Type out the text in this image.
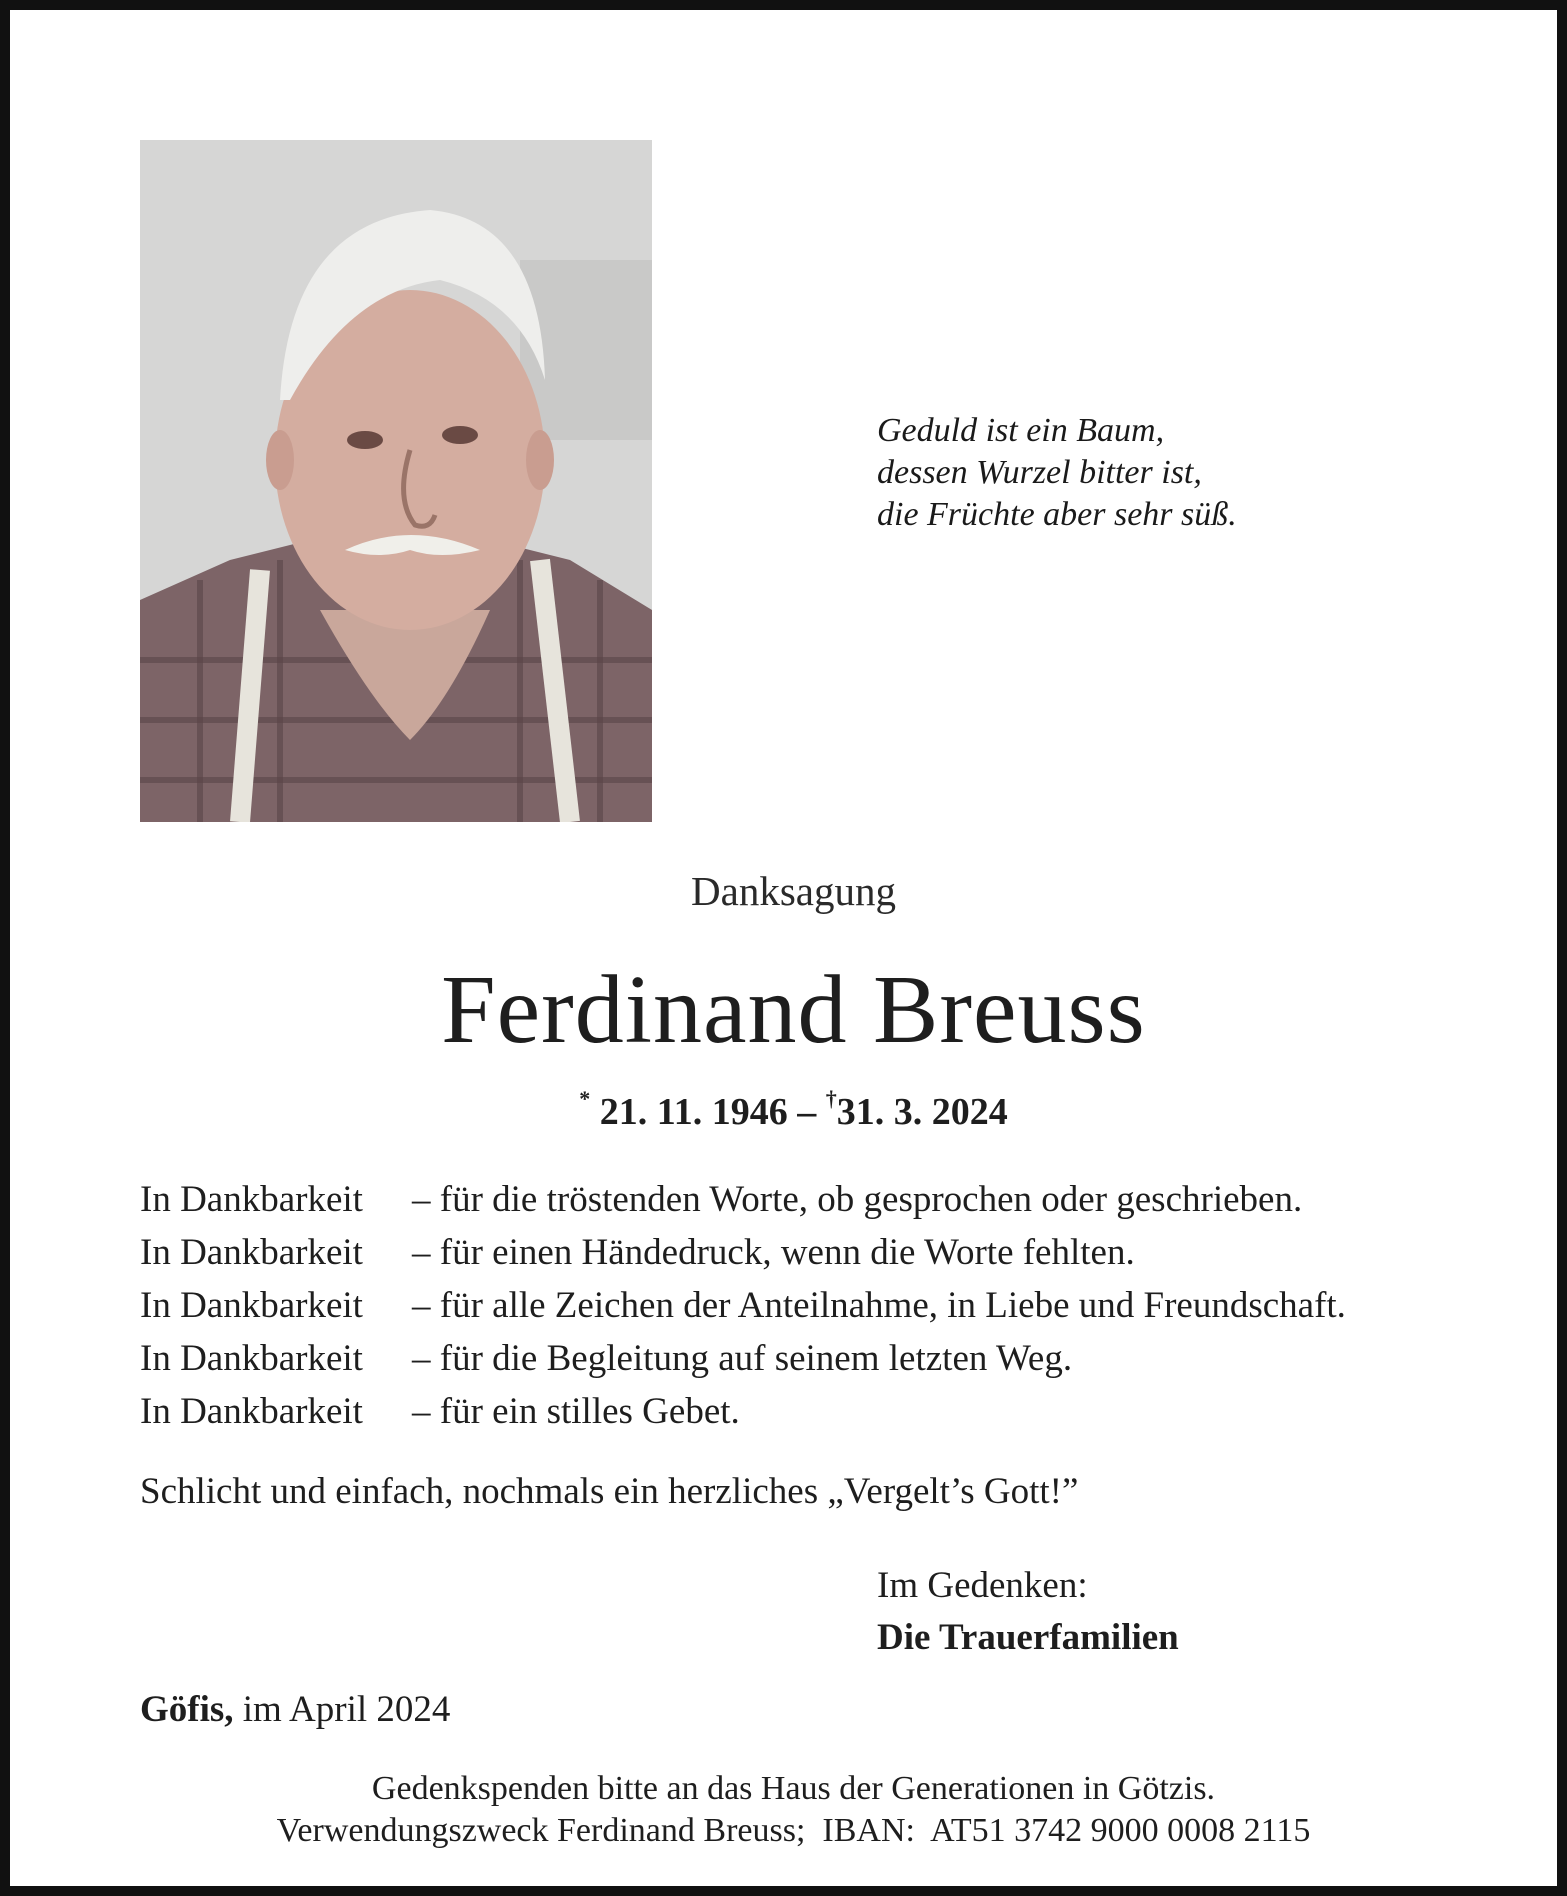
Geduld ist ein Baum,
dessen Wurzel bitter ist,
die Früchte aber sehr süß.
Danksagung
Ferdinand Breuss
* 21. 11. 1946 – †31. 3. 2024
In Dankbarkeit – für die tröstenden Worte, ob gesprochen oder geschrieben.
In Dankbarkeit – für einen Händedruck, wenn die Worte fehlten.
In Dankbarkeit – für alle Zeichen der Anteilnahme, in Liebe und Freundschaft.
In Dankbarkeit – für die Begleitung auf seinem letzten Weg.
In Dankbarkeit – für ein stilles Gebet.
Schlicht und einfach, nochmals ein herzliches „Vergelt’s Gott!”
Im Gedenken:
Die Trauerfamilien
Göfis, im April 2024
Gedenkspenden bitte an das Haus der Generationen in Götzis.
Verwendungszweck Ferdinand Breuss;  IBAN:  AT51 3742 9000 0008 2115
